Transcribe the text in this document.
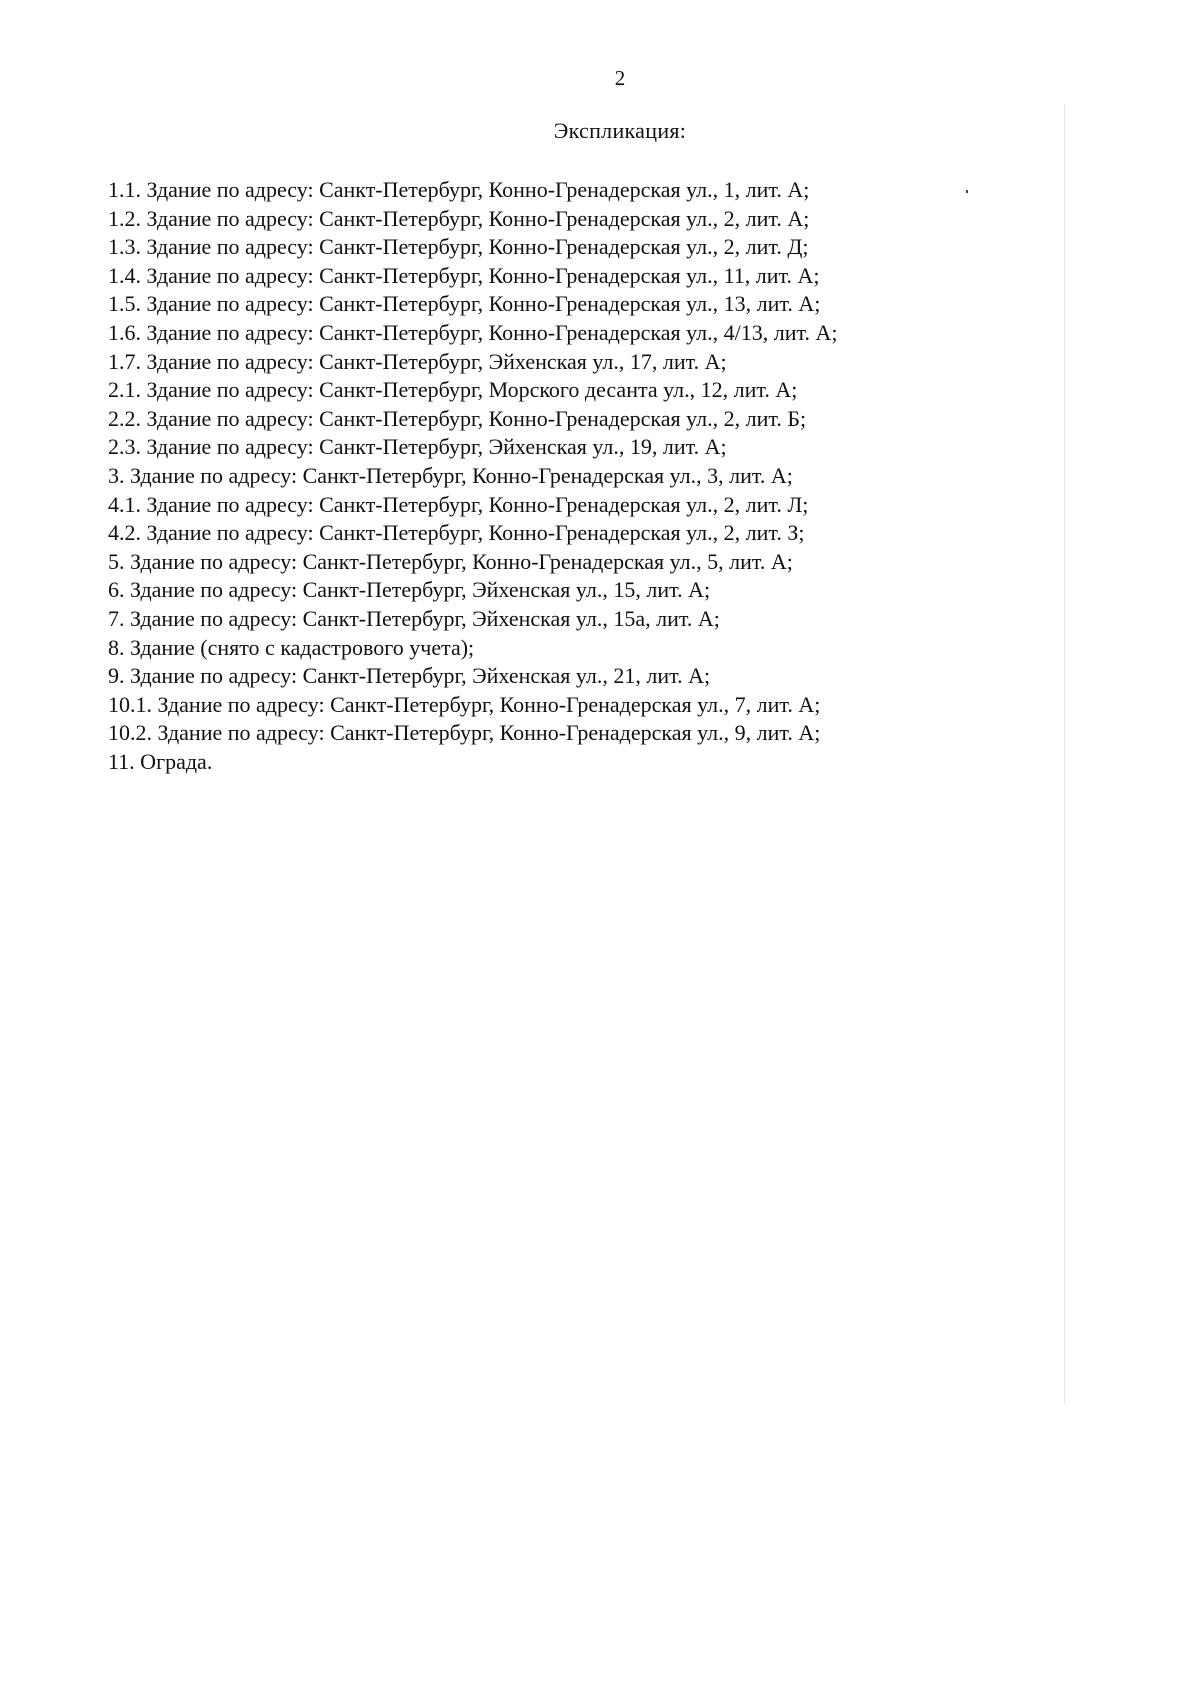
2
Экспликация:
1.1. Здание по адресу: Санкт-Петербург, Конно-Гренадерская ул., 1, лит. А;
1.2. Здание по адресу: Санкт-Петербург, Конно-Гренадерская ул., 2, лит. А;
1.3. Здание по адресу: Санкт-Петербург, Конно-Гренадерская ул., 2, лит. Д;
1.4. Здание по адресу: Санкт-Петербург, Конно-Гренадерская ул., 11, лит. А;
1.5. Здание по адресу: Санкт-Петербург, Конно-Гренадерская ул., 13, лит. А;
1.6. Здание по адресу: Санкт-Петербург, Конно-Гренадерская ул., 4/13, лит. А;
1.7. Здание по адресу: Санкт-Петербург, Эйхенская ул., 17, лит. А;
2.1. Здание по адресу: Санкт-Петербург, Морского десанта ул., 12, лит. А;
2.2. Здание по адресу: Санкт-Петербург, Конно-Гренадерская ул., 2, лит. Б;
2.3. Здание по адресу: Санкт-Петербург, Эйхенская ул., 19, лит. А;
3. Здание по адресу: Санкт-Петербург, Конно-Гренадерская ул., 3, лит. А;
4.1. Здание по адресу: Санкт-Петербург, Конно-Гренадерская ул., 2, лит. Л;
4.2. Здание по адресу: Санкт-Петербург, Конно-Гренадерская ул., 2, лит. З;
5. Здание по адресу: Санкт-Петербург, Конно-Гренадерская ул., 5, лит. А;
6. Здание по адресу: Санкт-Петербург, Эйхенская ул., 15, лит. А;
7. Здание по адресу: Санкт-Петербург, Эйхенская ул., 15а, лит. А;
8. Здание (снято с кадастрового учета);
9. Здание по адресу: Санкт-Петербург, Эйхенская ул., 21, лит. А;
10.1. Здание по адресу: Санкт-Петербург, Конно-Гренадерская ул., 7, лит. А;
10.2. Здание по адресу: Санкт-Петербург, Конно-Гренадерская ул., 9, лит. А;
11. Ограда.
